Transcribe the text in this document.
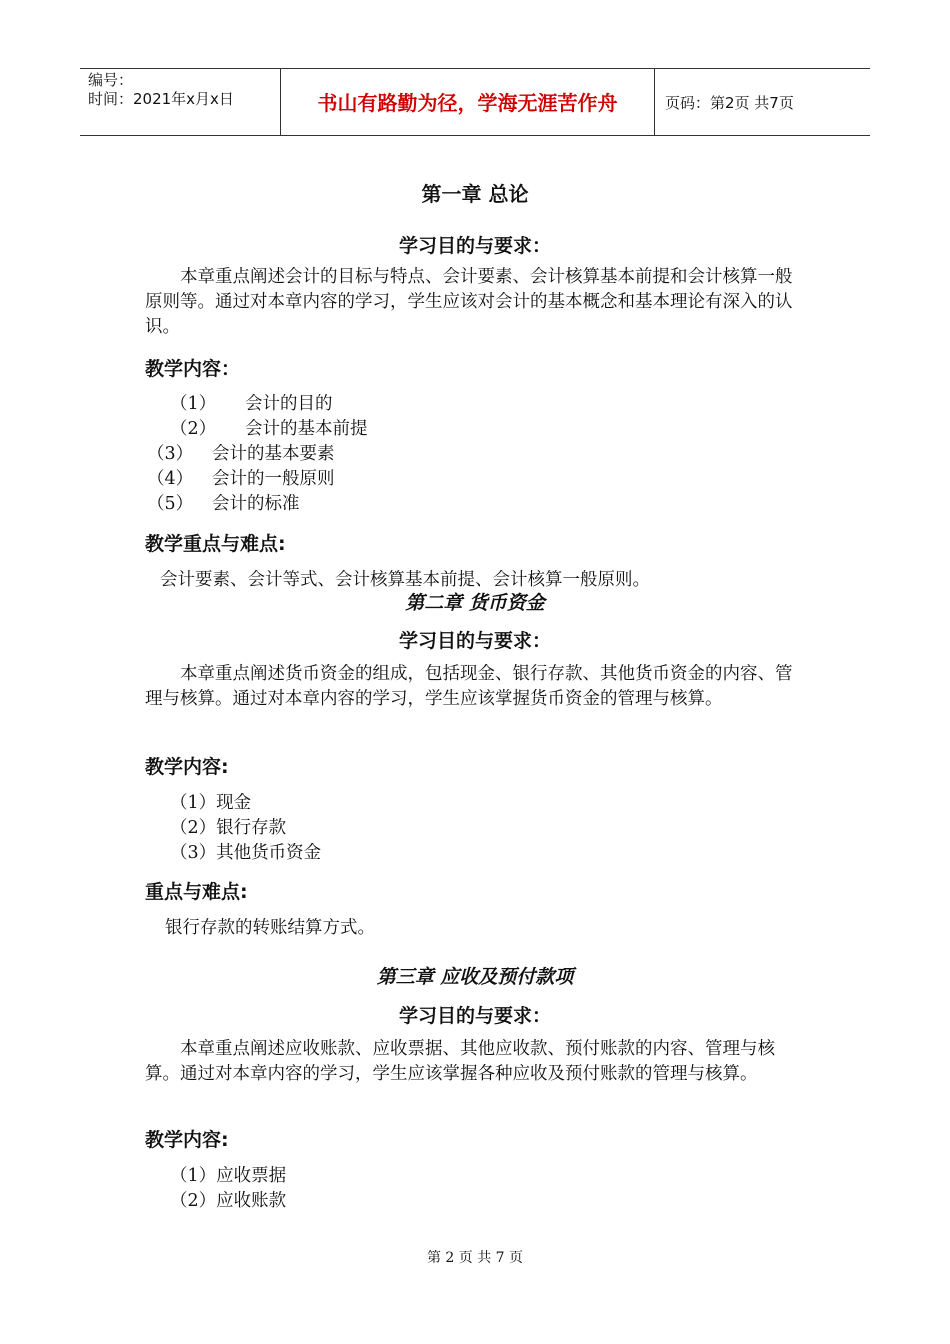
编号：
时间：2021年x月x日	书山有路勤为径，学海无涯苦作舟	页码：第2页 共7页
第一章 总论
学习目的与要求：
本章重点阐述会计的目标与特点、会计要素、会计核算基本前提和会计核算一般原则等。通过对本章内容的学习，学生应该对会计的基本概念和基本理论有深入的认识。
教学内容：
（1） 会计的目的
（2） 会计的基本前提
（3） 会计的基本要素
（4） 会计的一般原则
（5） 会计的标准
教学重点与难点:
会计要素、会计等式、会计核算基本前提、会计核算一般原则。
第二章 货币资金
学习目的与要求：
本章重点阐述货币资金的组成，包括现金、银行存款、其他货币资金的内容、管理与核算。通过对本章内容的学习，学生应该掌握货币资金的管理与核算。
教学内容:
（1）现金
（2）银行存款
（3）其他货币资金
重点与难点:
银行存款的转账结算方式。
第三章 应收及预付款项
学习目的与要求：
本章重点阐述应收账款、应收票据、其他应收款、预付账款的内容、管理与核算。通过对本章内容的学习，学生应该掌握各种应收及预付账款的管理与核算。
教学内容:
（1）应收票据
（2）应收账款
第 2 页 共 7 页
